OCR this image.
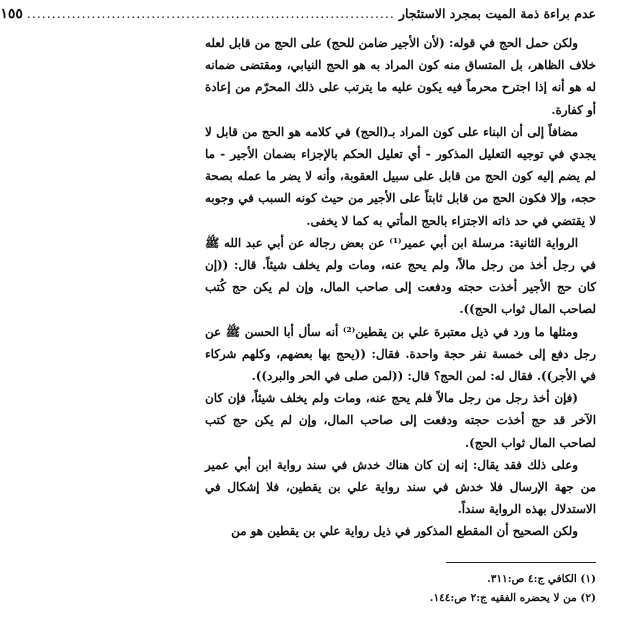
عدم براءة ذمة الميت بمجرد الاستئجار
..........................................................................
١٥٥

ولكن حمل الحج في قوله: (لأن الأجير ضامن للحج) على الحج من قابل لعله خلاف الظاهر، بل المتساق منه كون المراد به هو الحج النيابي، ومقتضى ضمانه له هو أنه إذا اجترح محرماً فيه يكون عليه ما يترتب على ذلك المحرّم من إعادة أو كفارة.

مضافاً إلى أن البناء على كون المراد بـ(الحج) في كلامه هو الحج من قابل لا يجدي في توجيه التعليل المذكور - أي تعليل الحكم بالإجزاء بضمان الأجير - ما لم يضم إليه كون الحج من قابل على سبيل العقوبة، وأنه لا يضر ما عمله بصحة حجه، وإلا فكون الحج من قابل ثابتاً على الأجير من حيث كونه السبب في وجوبه لا يقتضي في حد ذاته الاجتزاء بالحج المأتي به كما لا يخفى.

الرواية الثانية: مرسلة ابن أبي عمير⁽¹⁾ عن بعض رجاله عن أبي عبد الله ﷺ في رجل أخذ من رجل مالاً، ولم يحج عنه، ومات ولم يخلف شيئاً. قال: ((إن كان حج الأجير أخذت حجته ودفعت إلى صاحب المال، وإن لم يكن حج كُتب لصاحب المال ثواب الحج)).

ومثلها ما ورد في ذيل معتبرة علي بن يقطين⁽²⁾ أنه سأل أبا الحسن ﷺ عن رجل دفع إلى خمسة نفر حجة واحدة. فقال: ((يحج بها بعضهم، وكلهم شركاء في الأجر)). فقال له: لمن الحج؟ قال: ((لمن صلى في الحر والبرد)).

(فإن أخذ رجل من رجل مالاً فلم يحج عنه، ومات ولم يخلف شيئاً، فإن كان الآخر قد حج أخذت حجته ودفعت إلى صاحب المال، وإن لم يكن حج كتب لصاحب المال ثواب الحج).

وعلى ذلك فقد يقال: إنه إن كان هناك خدش في سند رواية ابن أبي عمير من جهة الإرسال فلا خدش في سند رواية علي بن يقطين، فلا إشكال في الاستدلال بهذه الرواية سنداً.

ولكن الصحيح أن المقطع المذكور في ذيل رواية علي بن يقطين هو من

(١) الكافي ج:٤ ص:٣١١.
(٢) من لا يحضره الفقيه ج:٢ ص:١٤٤.
